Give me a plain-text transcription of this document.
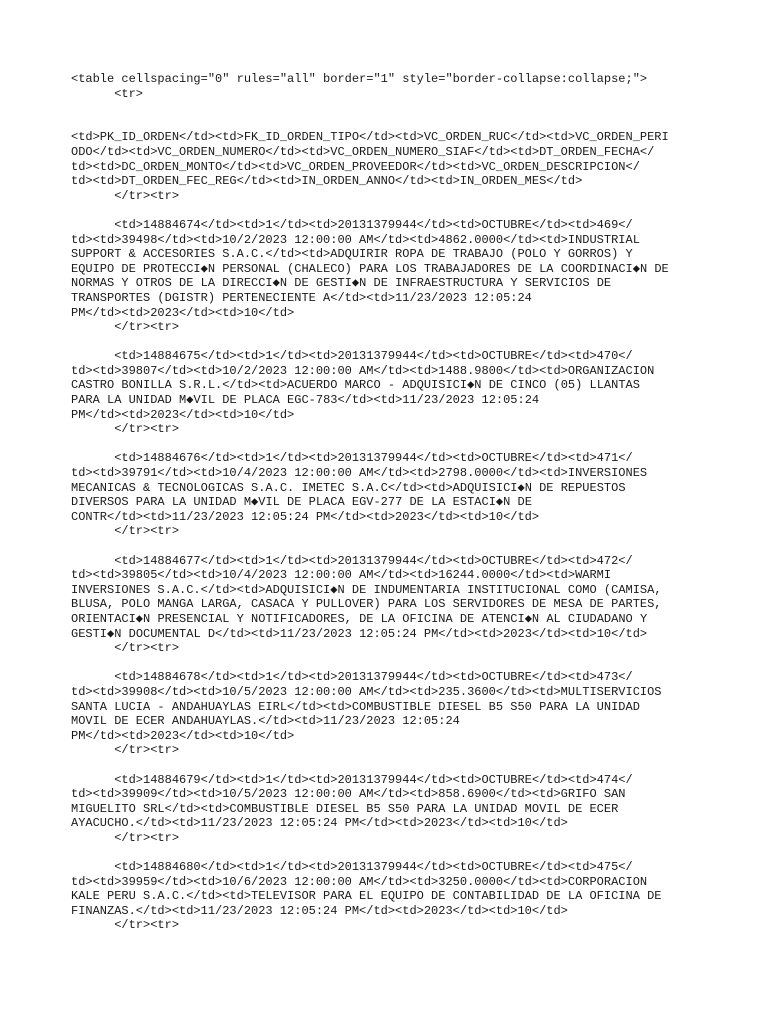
<table cellspacing="0" rules="all" border="1" style="border-collapse:collapse;">
<tr>
<td>PK_ID_ORDEN</td><td>FK_ID_ORDEN_TIPO</td><td>VC_ORDEN_RUC</td><td>VC_ORDEN_PERI
ODO</td><td>VC_ORDEN_NUMERO</td><td>VC_ORDEN_NUMERO_SIAF</td><td>DT_ORDEN_FECHA</
td><td>DC_ORDEN_MONTO</td><td>VC_ORDEN_PROVEEDOR</td><td>VC_ORDEN_DESCRIPCION</
td><td>DT_ORDEN_FEC_REG</td><td>IN_ORDEN_ANNO</td><td>IN_ORDEN_MES</td>
</tr><tr>
<td>14884674</td><td>1</td><td>20131379944</td><td>OCTUBRE</td><td>469</
td><td>39498</td><td>10/2/2023 12:00:00 AM</td><td>4862.0000</td><td>INDUSTRIAL
SUPPORT & ACCESORIES S.A.C.</td><td>ADQUIRIR ROPA DE TRABAJO (POLO Y GORROS) Y
EQUIPO DE PROTECCI◆N PERSONAL (CHALECO) PARA LOS TRABAJADORES DE LA COORDINACI◆N DE
NORMAS Y OTROS DE LA DIRECCI◆N DE GESTI◆N DE INFRAESTRUCTURA Y SERVICIOS DE
TRANSPORTES (DGISTR) PERTENECIENTE A</td><td>11/23/2023 12:05:24
PM</td><td>2023</td><td>10</td>
</tr><tr>
<td>14884675</td><td>1</td><td>20131379944</td><td>OCTUBRE</td><td>470</
td><td>39807</td><td>10/2/2023 12:00:00 AM</td><td>1488.9800</td><td>ORGANIZACION
CASTRO BONILLA S.R.L.</td><td>ACUERDO MARCO - ADQUISICI◆N DE CINCO (05) LLANTAS
PARA LA UNIDAD M◆VIL DE PLACA EGC-783</td><td>11/23/2023 12:05:24
PM</td><td>2023</td><td>10</td>
</tr><tr>
<td>14884676</td><td>1</td><td>20131379944</td><td>OCTUBRE</td><td>471</
td><td>39791</td><td>10/4/2023 12:00:00 AM</td><td>2798.0000</td><td>INVERSIONES
MECANICAS & TECNOLOGICAS S.A.C. IMETEC S.A.C</td><td>ADQUISICI◆N DE REPUESTOS
DIVERSOS PARA LA UNIDAD M◆VIL DE PLACA EGV-277 DE LA ESTACI◆N DE
CONTR</td><td>11/23/2023 12:05:24 PM</td><td>2023</td><td>10</td>
</tr><tr>
<td>14884677</td><td>1</td><td>20131379944</td><td>OCTUBRE</td><td>472</
td><td>39805</td><td>10/4/2023 12:00:00 AM</td><td>16244.0000</td><td>WARMI
INVERSIONES S.A.C.</td><td>ADQUISICI◆N DE INDUMENTARIA INSTITUCIONAL COMO (CAMISA,
BLUSA, POLO MANGA LARGA, CASACA Y PULLOVER) PARA LOS SERVIDORES DE MESA DE PARTES,
ORIENTACI◆N PRESENCIAL Y NOTIFICADORES, DE LA OFICINA DE ATENCI◆N AL CIUDADANO Y
GESTI◆N DOCUMENTAL D</td><td>11/23/2023 12:05:24 PM</td><td>2023</td><td>10</td>
</tr><tr>
<td>14884678</td><td>1</td><td>20131379944</td><td>OCTUBRE</td><td>473</
td><td>39908</td><td>10/5/2023 12:00:00 AM</td><td>235.3600</td><td>MULTISERVICIOS
SANTA LUCIA - ANDAHUAYLAS EIRL</td><td>COMBUSTIBLE DIESEL B5 S50 PARA LA UNIDAD
MOVIL DE ECER ANDAHUAYLAS.</td><td>11/23/2023 12:05:24
PM</td><td>2023</td><td>10</td>
</tr><tr>
<td>14884679</td><td>1</td><td>20131379944</td><td>OCTUBRE</td><td>474</
td><td>39909</td><td>10/5/2023 12:00:00 AM</td><td>858.6900</td><td>GRIFO SAN
MIGUELITO SRL</td><td>COMBUSTIBLE DIESEL B5 S50 PARA LA UNIDAD MOVIL DE ECER
AYACUCHO.</td><td>11/23/2023 12:05:24 PM</td><td>2023</td><td>10</td>
</tr><tr>
<td>14884680</td><td>1</td><td>20131379944</td><td>OCTUBRE</td><td>475</
td><td>39959</td><td>10/6/2023 12:00:00 AM</td><td>3250.0000</td><td>CORPORACION
KALE PERU S.A.C.</td><td>TELEVISOR PARA EL EQUIPO DE CONTABILIDAD DE LA OFICINA DE
FINANZAS.</td><td>11/23/2023 12:05:24 PM</td><td>2023</td><td>10</td>
</tr><tr>
